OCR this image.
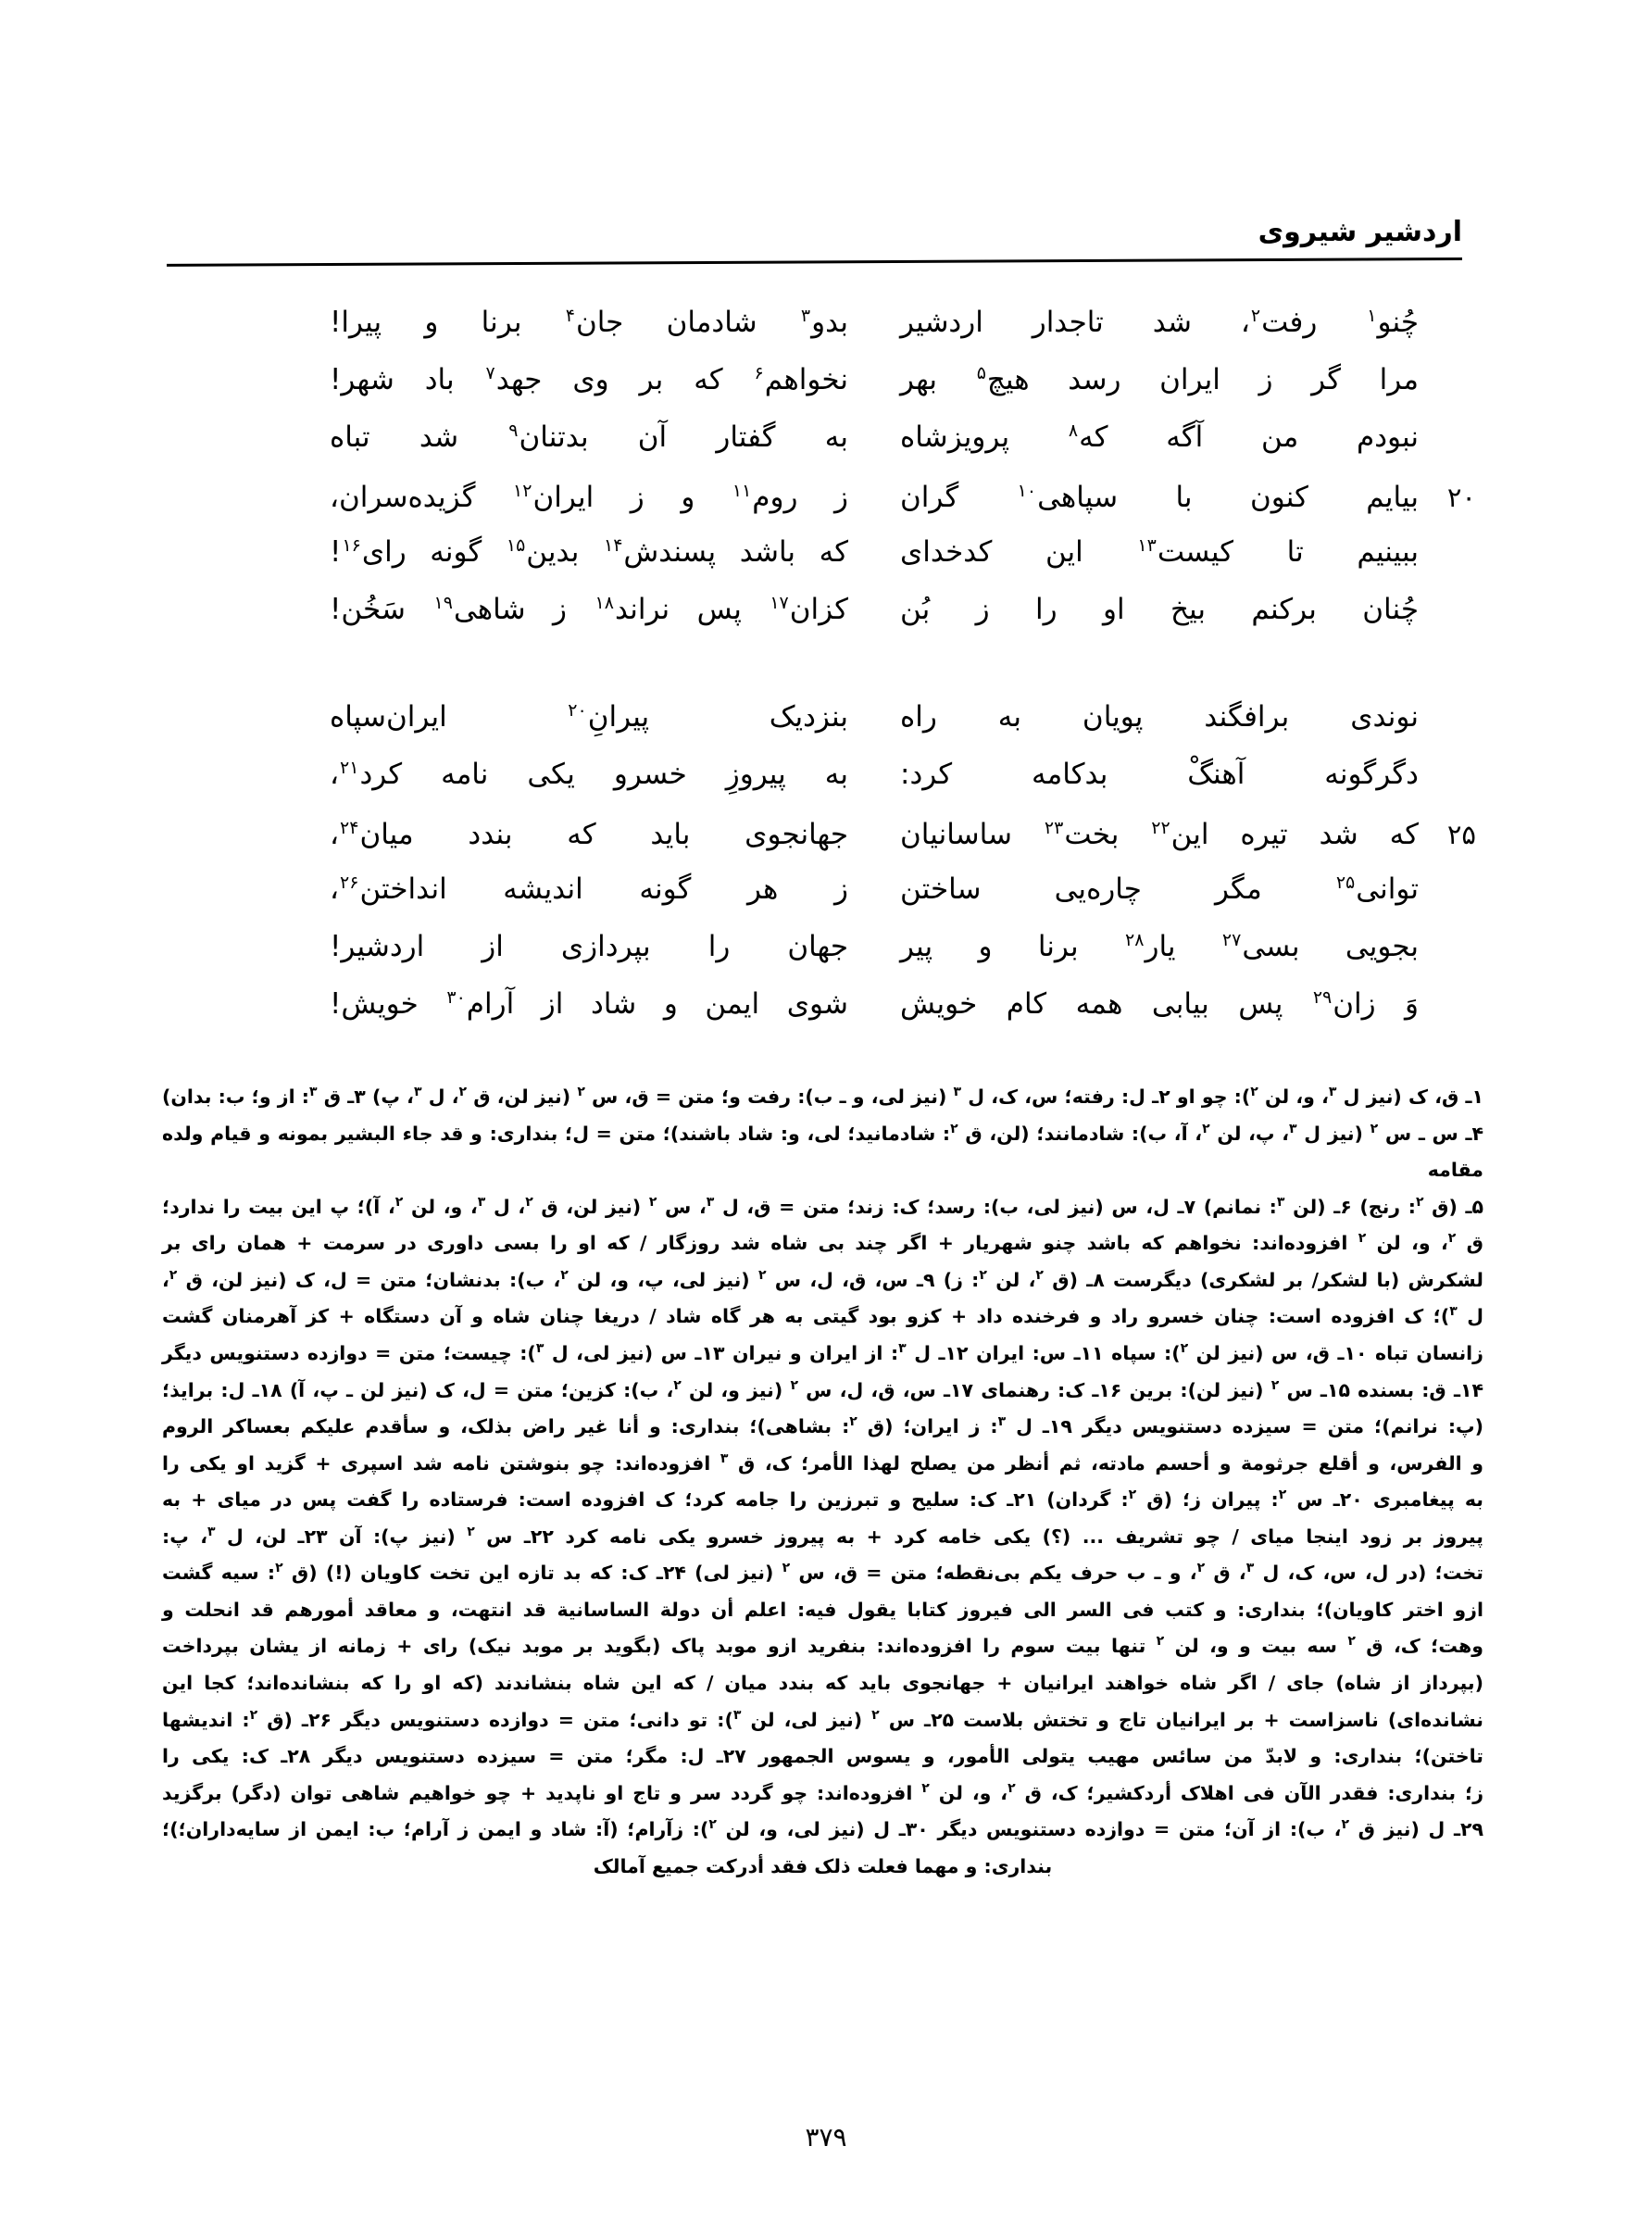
اردشیر شیروی
چُنو$^۱$ رفت$^۲$، شد تاجدار اردشیر
بدو$^۳$ شادمان جان$^۴$ برنا و پیرا!
مرا گر ز ایران رسد هیچ$^۵$ بهر
نخواهم$^۶$ که بر وی جهد$^۷$ باد شهر!
نبودم من آگه که$^۸$ پرویزشاه
به گفتار آن بدتنان$^۹$ شد تباه
۲۰
بیایم کنون با سپاهی$^{۱۰}$ گران
ز روم$^{۱۱}$ و ز ایران$^{۱۲}$ گزیده‌سران،
ببینیم تا کیست$^{۱۳}$ این کدخدای
که باشد پسندش$^{۱۴}$ بدین$^{۱۵}$ گونه رای$^{۱۶}$!
چُنان برکنم بیخ او را ز بُن
کزان$^{۱۷}$ پس نراند$^{۱۸}$ ز شاهی$^{۱۹}$ سَخُن!
نوندی برافگند پویان به راه
بنزدیک پیرانِ$^{۲۰}$ ایران‌سپاه
دگرگونه آهنگْ بدکامه کرد:
به پیروزِ خسرو یکی نامه کرد$^{۲۱}$،
۲۵
که شد تیره این$^{۲۲}$ بخت$^{۲۳}$ ساسانیان
جهانجوی باید که بندد میان$^{۲۴}$،
توانی$^{۲۵}$ مگر چاره‌یی ساختن
ز هر گونه اندیشه انداختن$^{۲۶}$،
بجویی بسی$^{۲۷}$ یار$^{۲۸}$ برنا و پیر
جهان را بپردازی از اردشیر!
وَ زان$^{۲۹}$ پس بیابی همه کام خویش
شوی ایمن و شاد از آرام$^{۳۰}$ خویش!
۱ـ ق، ک (نیز ل $^۳$، و، لن $^۲$): چو او ۲ـ ل: رفته؛ س، ک، ل $^۳$ (نیز لی، و ـ ب): رفت و؛ متن = ق، س $^۲$ (نیز لن، ق $^۲$، ل $^۳$، پ) ۳ـ ق $^۳$: از و؛ ب: بدان)
۴ـ س ـ س $^۲$ (نیز ل $^۳$، پ، لن $^۲$، آ، ب): شادمانند؛ (لن، ق $^۲$: شادمانید؛ لی، و: شاد باشند)؛ متن = ل؛ بنداری: و قد جاء البشیر بمونه و قیام ولده مقامه
۵ـ (ق $^۲$: رنج) ۶ـ (لن $^۳$: نمانم) ۷ـ ل، س (نیز لی، ب): رسد؛ ک: زند؛ متن = ق، ل $^۳$، س $^۲$ (نیز لن، ق $^۲$، ل $^۳$، و، لن $^۲$، آ)؛ پ این بیت را ندارد؛
ق $^۲$، و، لن $^۲$ افزوده‌اند: نخواهم که باشد چنو شهریار + اگر چند بی شاه شد روزگار / که او را بسی داوری در سرمت + همان رای بر
لشکرش (با لشکر/ بر لشکری) دیگرست ۸ـ (ق $^۲$، لن $^۲$: ز) ۹ـ س، ق، ل، س $^۲$ (نیز لی، پ، و، لن $^۲$، ب): بدنشان؛ متن = ل، ک (نیز لن، ق $^۲$،
ل $^۳$)؛ ک افزوده است: چنان خسرو راد و فرخنده داد + کزو بود گیتی به هر گاه شاد / دریغا چنان شاه و آن دستگاه + کز آهرمنان گشت
زانسان تباه ۱۰ـ ق، س (نیز لن $^۲$): سپاه ۱۱ـ س: ایران ۱۲ـ ل $^۳$: از ایران و نیران ۱۳ـ س (نیز لی، ل $^۳$): چیست؛ متن = دوازده دستنویس دیگر
۱۴ـ ق: بسنده ۱۵ـ س $^۲$ (نیز لن): برین ۱۶ـ ک: رهنمای ۱۷ـ س، ق، ل، س $^۲$ (نیز و، لن $^۲$، ب): کزین؛ متن = ل، ک (نیز لن ـ پ، آ) ۱۸ـ ل: برایذ؛
(پ: نرانم)؛ متن = سیزده دستنویس دیگر ۱۹ـ ل $^۳$: ز ایران؛ (ق $^۲$: بشاهی)؛ بنداری: و أنا غیر راض بذلک، و سأقدم علیکم بعساکر الروم
و الفرس، و أقلع جرثومة و أحسم مادته، ثم أنظر من یصلح لهذا الأمر؛ ک، ق $^۳$ افزوده‌اند: چو بنوشتن نامه شد اسپری + گزید او یکی را
به پیغامبری ۲۰ـ س $^۲$: پیران ز؛ (ق $^۲$: گردان) ۲۱ـ ک: سلیح و تبرزین را جامه کرد؛ ک افزوده است: فرستاده را گفت پس در میای + به
پیروز بر زود اینجا میای / چو تشریف ... (؟) یکی خامه کرد + به پیروز خسرو یکی نامه کرد ۲۲ـ س $^۲$ (نیز پ): آن ۲۳ـ لن، ل $^۳$، پ:
تخت؛ (در ل، س، ک، ل $^۳$، ق $^۲$، و ـ ب حرف یکم بی‌نقطه؛ متن = ق، س $^۲$ (نیز لی) ۲۴ـ ک: که بد تازه این تخت کاویان (!) (ق $^۲$: سیه گشت
ازو اختر کاویان)؛ بنداری: و کتب فی السر الی فیروز کتابا یقول فیه: اعلم أن دولة الساسانیة قد انتهت، و معاقد أمورهم قد انحلت و
وهت؛ ک، ق $^۲$ سه بیت و و، لن $^۲$ تنها بیت سوم را افزوده‌اند: بنفرید ازو موبد پاک (بگوید بر موبد نیک) رای + زمانه از یشان بپرداخت
(بپرداز از شاه) جای / اگر شاه خواهند ایرانیان + جهانجوی باید که بندد میان / که این شاه بنشاندند (که او را که بنشانده‌اند؛ کجا این
نشانده‌ای) ناسزاست + بر ایرانیان تاج و تختش بلاست ۲۵ـ س $^۲$ (نیز لی، لن $^۳$): تو دانی؛ متن = دوازده دستنویس دیگر ۲۶ـ (ق $^۲$: اندیشها
تاختن)؛ بنداری: و لابدّ من سائس مهیب یتولی الأمور، و یسوس الجمهور ۲۷ـ ل: مگر؛ متن = سیزده دستنویس دیگر ۲۸ـ ک: یکی را
ز؛ بنداری: فقدر الآن فی اهلاک أردکشیر؛ ک، ق $^۲$، و، لن $^۲$ افزوده‌اند: چو گردد سر و تاج او ناپدید + چو خواهیم شاهی توان (دگر) برگزید
۲۹ـ ل (نیز ق $^۲$، ب): از آن؛ متن = دوازده دستنویس دیگر ۳۰ـ ل (نیز لی، و، لن $^۲$): زآرام؛ (آ: شاد و ایمن ز آرام؛ ب: ایمن از سایه‌داران؛)؛
بنداری: و مهما فعلت ذلک فقد أدرکت جمیع آمالک
۳۷۹
